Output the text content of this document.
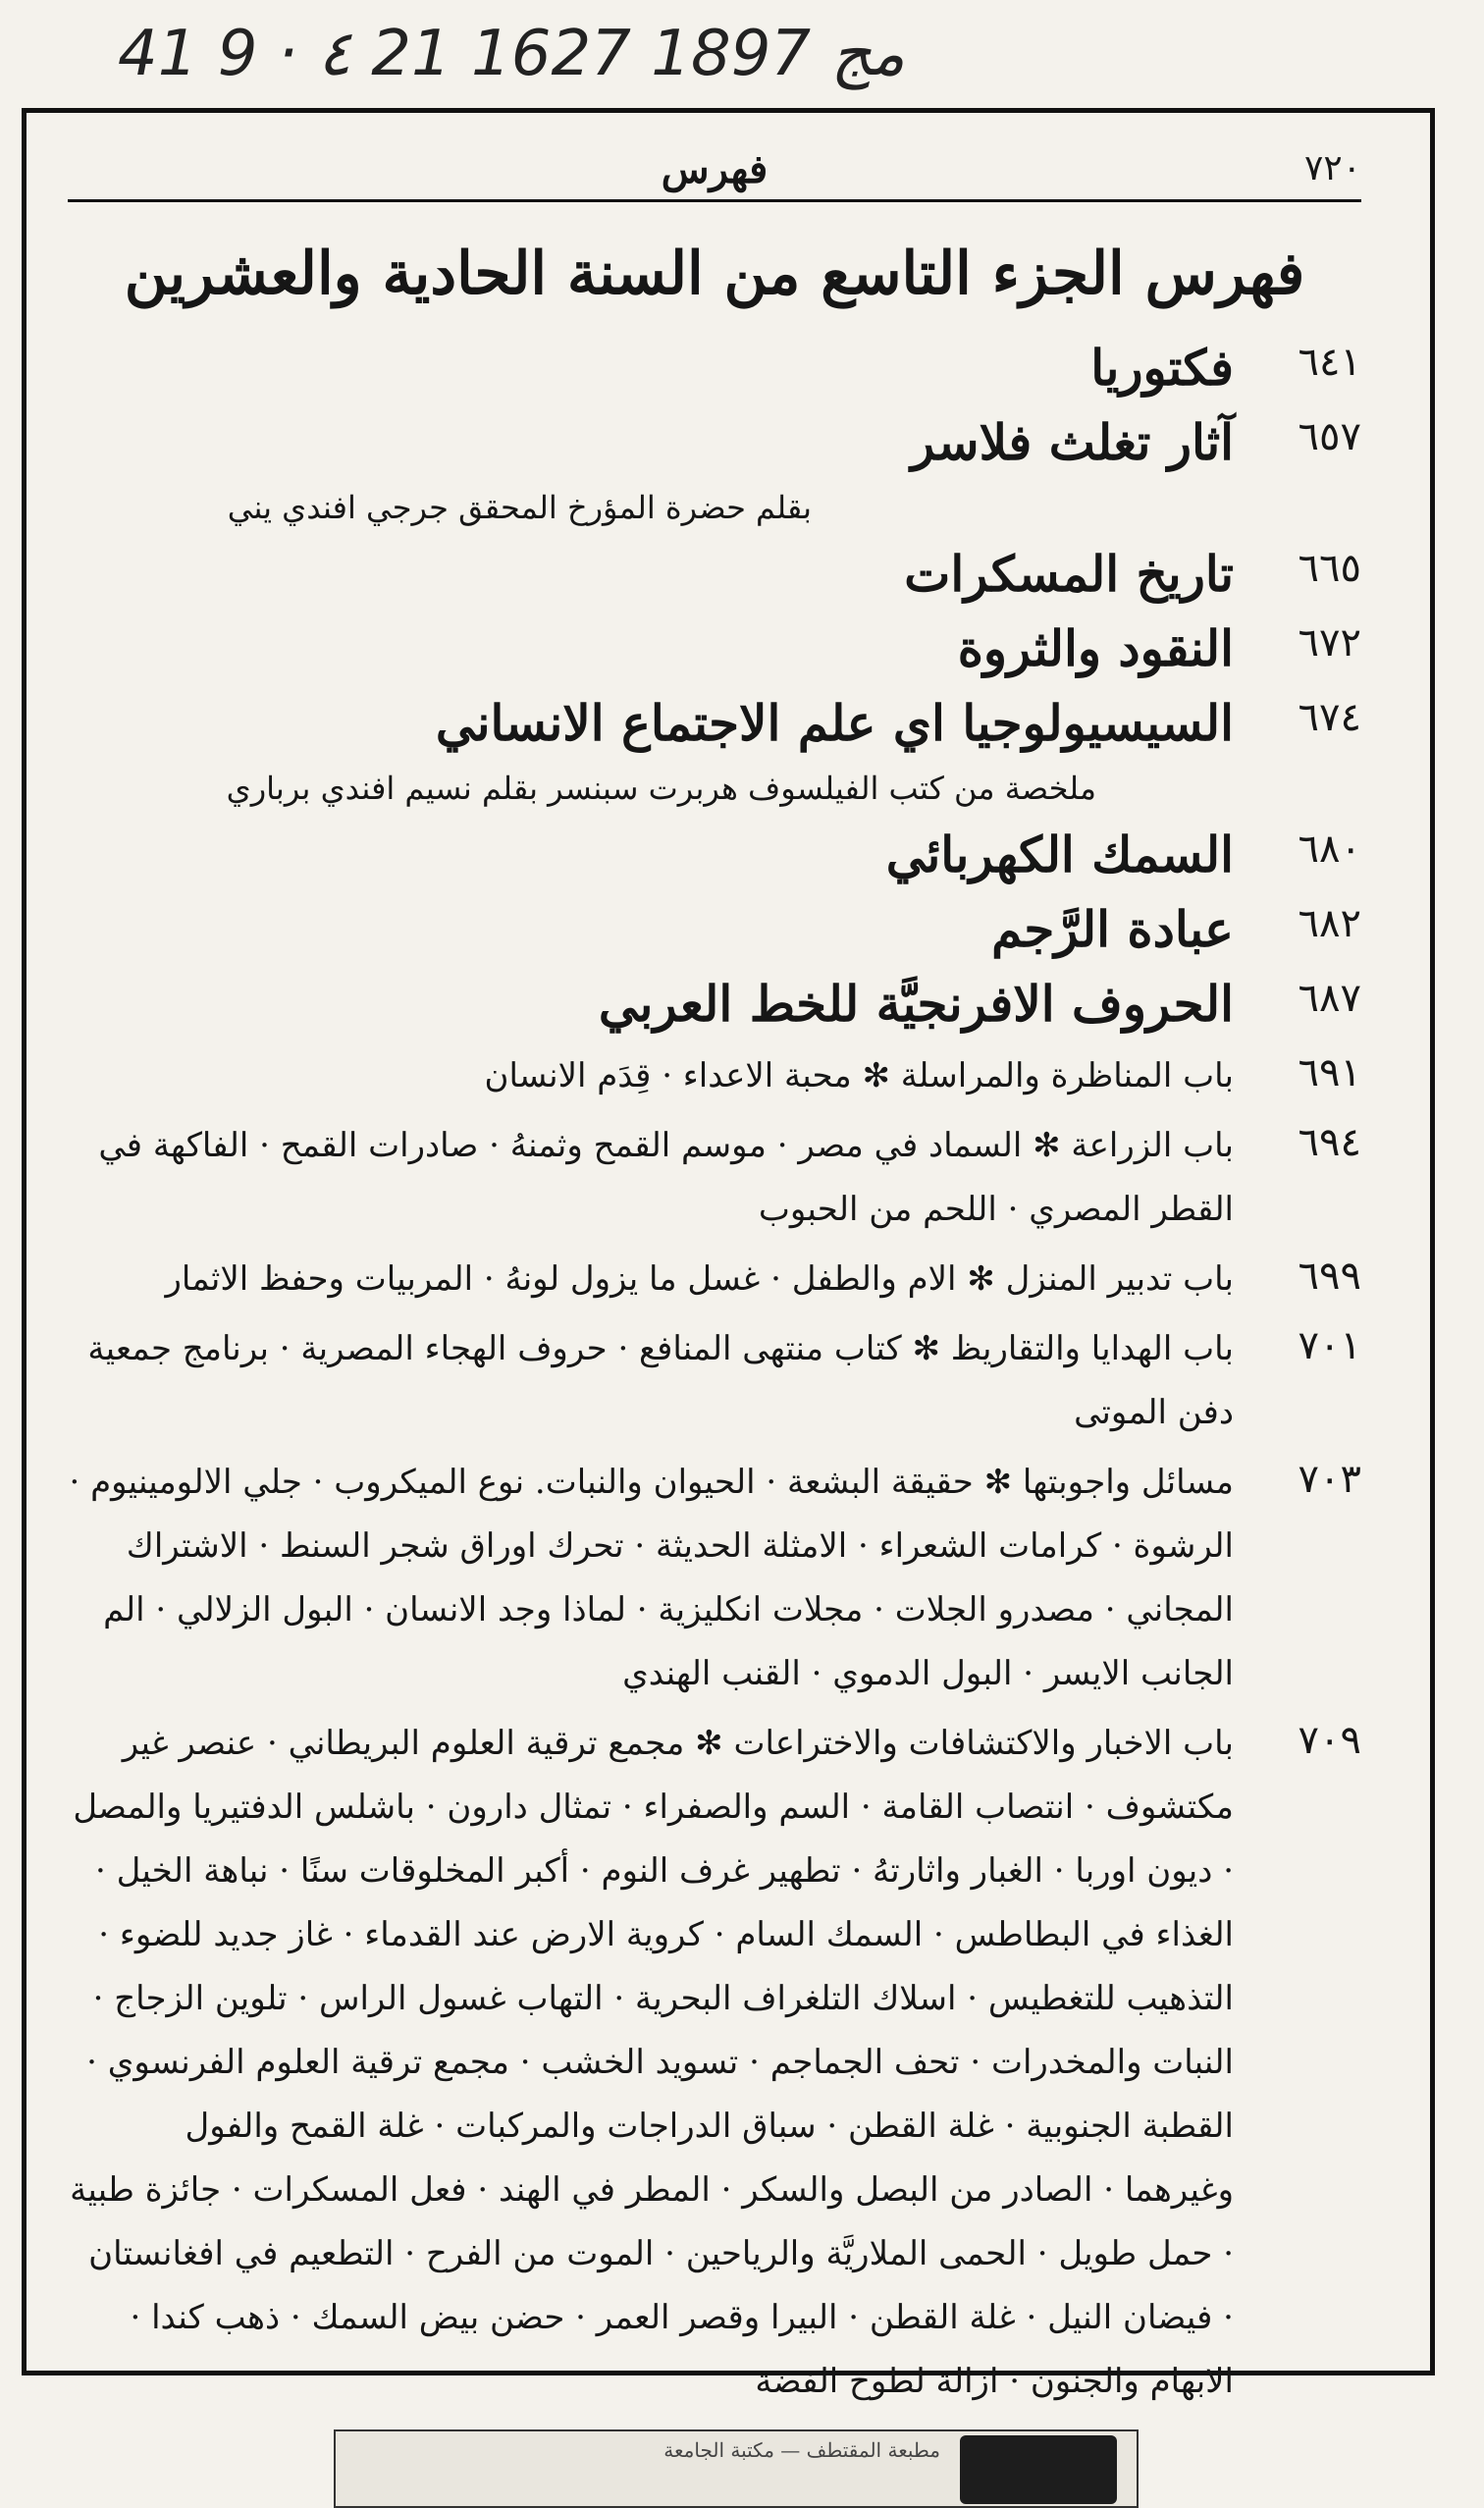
41 9 · ٤ 21 مج 1897 1627
٧٢٠
فهرس
فهرس الجزء التاسع من السنة الحادية والعشرين
٦٤١
فكتوريا
٦٥٧
آثار تغلث فلاسر
بقلم حضرة المؤرخ المحقق جرجي افندي يني
٦٦٥
تاريخ المسكرات
٦٧٢
النقود والثروة
٦٧٤
السيسيولوجيا اي علم الاجتماع الانساني
ملخصة من كتب الفيلسوف هربرت سبنسر بقلم نسيم افندي برباري
٦٨٠
السمك الكهربائي
٦٨٢
عبادة الرَّجم
٦٨٧
الحروف الافرنجيَّة للخط العربي
٦٩١
باب المناظرة والمراسلة ✻ محبة الاعداء · قِدَم الانسان
٦٩٤
باب الزراعة ✻ السماد في مصر · موسم القمح وثمنهُ · صادرات القمح · الفاكهة في القطر المصري · اللحم من الحبوب
٦٩٩
باب تدبير المنزل ✻ الام والطفل · غسل ما يزول لونهُ · المربيات وحفظ الاثمار
٧٠١
باب الهدايا والتقاريظ ✻ كتاب منتهى المنافع · حروف الهجاء المصرية · برنامج جمعية دفن الموتى
٧٠٣
مسائل واجوبتها ✻ حقيقة البشعة · الحيوان والنبات. نوع الميكروب · جلي الالومينيوم · الرشوة · كرامات الشعراء · الامثلة الحديثة · تحرك اوراق شجر السنط · الاشتراك المجاني · مصدرو الجلات · مجلات انكليزية · لماذا وجد الانسان · البول الزلالي · الم الجانب الايسر · البول الدموي · القنب الهندي
٧٠٩
باب الاخبار والاكتشافات والاختراعات ✻ مجمع ترقية العلوم البريطاني · عنصر غير مكتشوف · انتصاب القامة · السم والصفراء · تمثال دارون · باشلس الدفتيريا والمصل · ديون اوربا · الغبار واثارتهُ · تطهير غرف النوم · أكبر المخلوقات سنًا · نباهة الخيل · الغذاء في البطاطس · السمك السام · كروية الارض عند القدماء · غاز جديد للضوء · التذهيب للتغطيس · اسلاك التلغراف البحرية · التهاب غسول الراس · تلوين الزجاج · النبات والمخدرات · تحف الجماجم · تسويد الخشب · مجمع ترقية العلوم الفرنسوي · القطبة الجنوبية · غلة القطن · سباق الدراجات والمركبات · غلة القمح والفول وغيرهما · الصادر من البصل والسكر · المطر في الهند · فعل المسكرات · جائزة طبية · حمل طويل · الحمى الملاريَّة والرياحين · الموت من الفرح · التطعيم في افغانستان · فيضان النيل · غلة القطن · البيرا وقصر العمر · حضن بيض السمك · ذهب كندا · الابهام والجنون · ازالة لطوخ الفضة
مطبعة المقتطف — مكتبة الجامعة
